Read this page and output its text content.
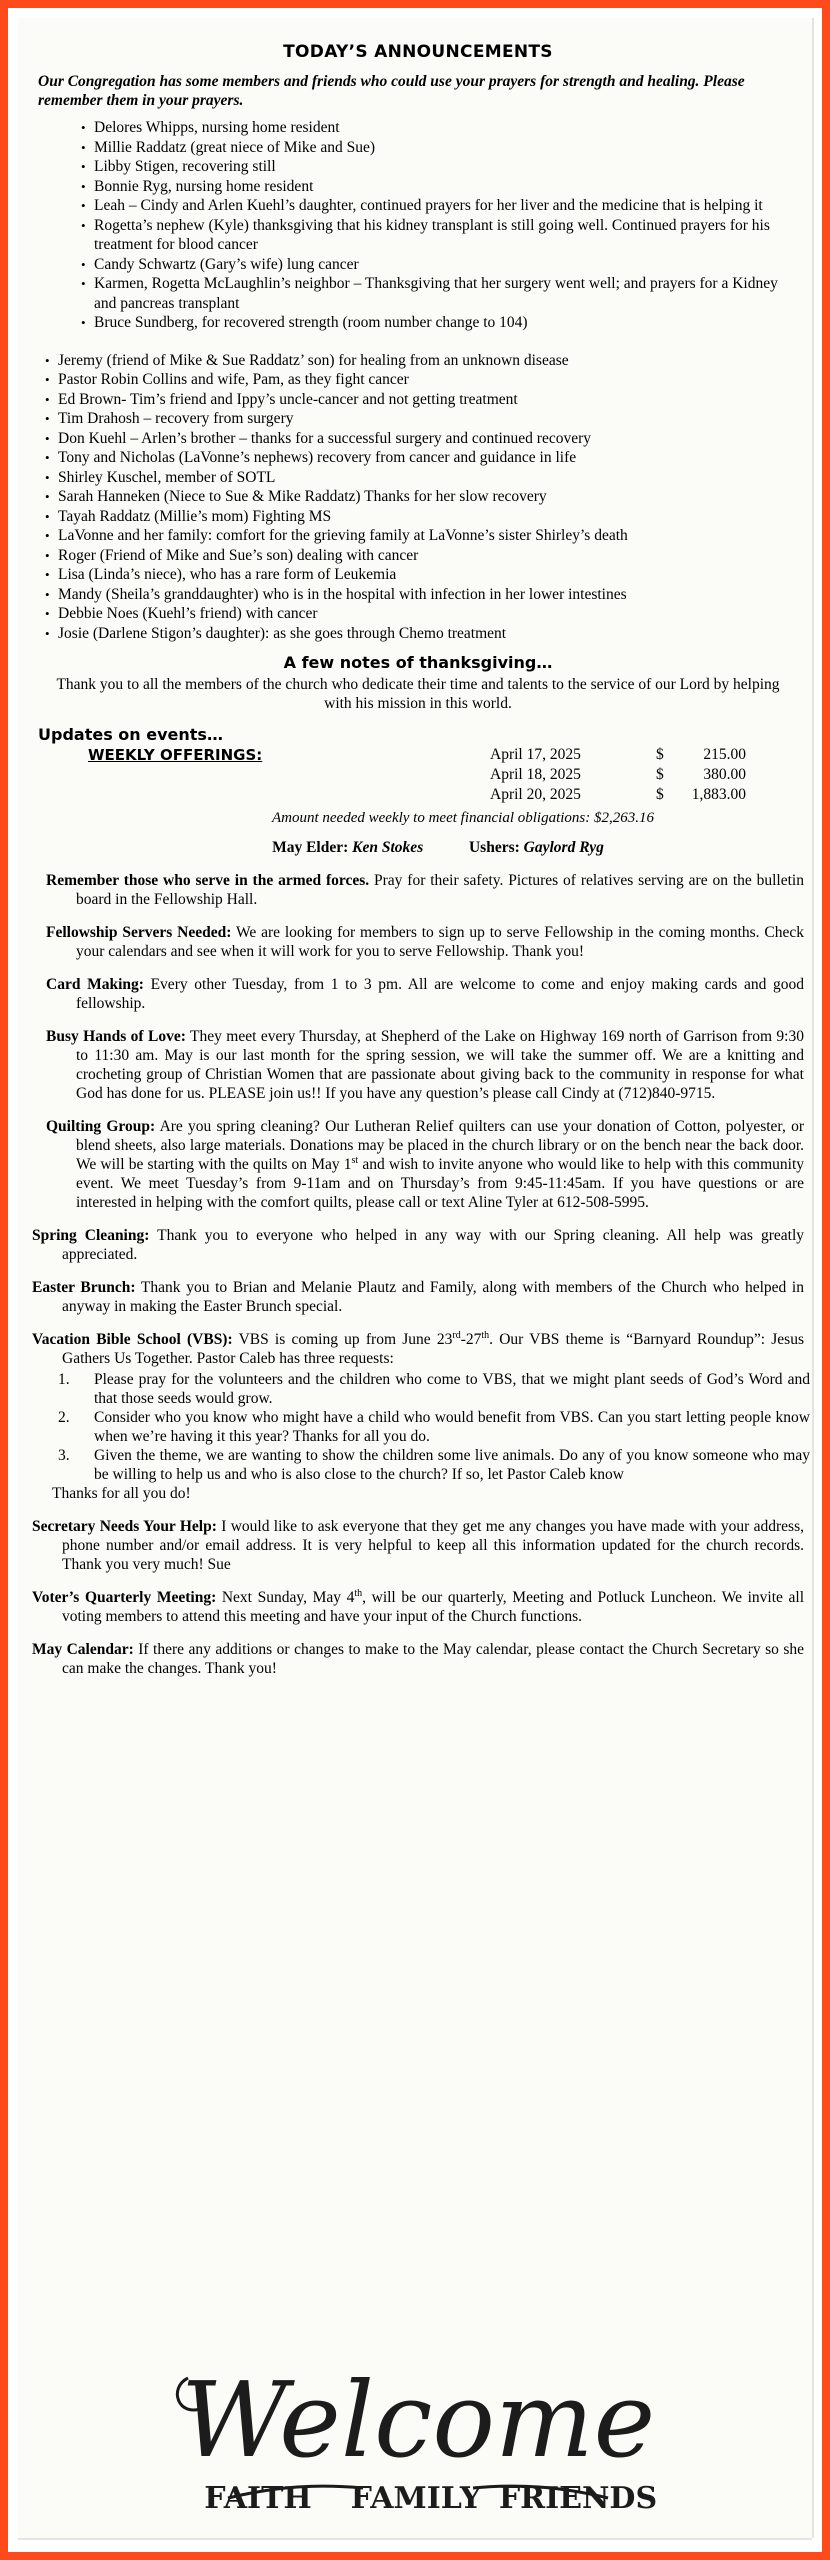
TODAY’S ANNOUNCEMENTS
Our Congregation has some members and friends who could use your prayers for strength and healing. Please remember them in your prayers.
• Delores Whipps, nursing home resident
• Millie Raddatz (great niece of Mike and Sue)
• Libby Stigen, recovering still
• Bonnie Ryg, nursing home resident
• Leah – Cindy and Arlen Kuehl’s daughter, continued prayers for her liver and the medicine that is helping it
• Rogetta’s nephew (Kyle) thanksgiving that his kidney transplant is still going well. Continued prayers for his treatment for blood cancer
• Candy Schwartz (Gary’s wife) lung cancer
• Karmen, Rogetta McLaughlin’s neighbor – Thanksgiving that her surgery went well; and prayers for a Kidney and pancreas transplant
• Bruce Sundberg, for recovered strength (room number change to 104)
• Jeremy (friend of Mike & Sue Raddatz’ son) for healing from an unknown disease
• Pastor Robin Collins and wife, Pam, as they fight cancer
• Ed Brown- Tim’s friend and Ippy’s uncle-cancer and not getting treatment
• Tim Drahosh – recovery from surgery
• Don Kuehl – Arlen’s brother – thanks for a successful surgery and continued recovery
• Tony and Nicholas (LaVonne’s nephews) recovery from cancer and guidance in life
• Shirley Kuschel, member of SOTL
• Sarah Hanneken (Niece to Sue & Mike Raddatz) Thanks for her slow recovery
• Tayah Raddatz (Millie’s mom) Fighting MS
• LaVonne and her family: comfort for the grieving family at LaVonne’s sister Shirley’s death
• Roger (Friend of Mike and Sue’s son) dealing with cancer
• Lisa (Linda’s niece), who has a rare form of Leukemia
• Mandy (Sheila’s granddaughter) who is in the hospital with infection in her lower intestines
• Debbie Noes (Kuehl’s friend) with cancer
• Josie (Darlene Stigon’s daughter): as she goes through Chemo treatment
A few notes of thanksgiving…
Thank you to all the members of the church who dedicate their time and talents to the service of our Lord by helping with his mission in this world.
Updates on events…
WEEKLY OFFERINGS:	April 17, 2025	$	215.00
April 18, 2025	$	380.00
April 20, 2025	$	1,883.00
Amount needed weekly to meet financial obligations: $2,263.16
May Elder: Ken Stokes	Ushers: Gaylord Ryg

Remember those who serve in the armed forces. Pray for their safety. Pictures of relatives serving are on the bulletin board in the Fellowship Hall.

Fellowship Servers Needed: We are looking for members to sign up to serve Fellowship in the coming months. Check your calendars and see when it will work for you to serve Fellowship. Thank you!

Card Making: Every other Tuesday, from 1 to 3 pm. All are welcome to come and enjoy making cards and good fellowship.

Busy Hands of Love: They meet every Thursday, at Shepherd of the Lake on Highway 169 north of Garrison from 9:30 to 11:30 am. May is our last month for the spring session, we will take the summer off. We are a knitting and crocheting group of Christian Women that are passionate about giving back to the community in response for what God has done for us. PLEASE join us!! If you have any question’s please call Cindy at (712)840-9715.

Quilting Group: Are you spring cleaning? Our Lutheran Relief quilters can use your donation of Cotton, polyester, or blend sheets, also large materials. Donations may be placed in the church library or on the bench near the back door. We will be starting with the quilts on May 1st and wish to invite anyone who would like to help with this community event. We meet Tuesday’s from 9-11am and on Thursday’s from 9:45-11:45am. If you have questions or are interested in helping with the comfort quilts, please call or text Aline Tyler at 612-508-5995.

Spring Cleaning: Thank you to everyone who helped in any way with our Spring cleaning. All help was greatly appreciated.

Easter Brunch: Thank you to Brian and Melanie Plautz and Family, along with members of the Church who helped in anyway in making the Easter Brunch special.

Vacation Bible School (VBS): VBS is coming up from June 23rd-27th. Our VBS theme is “Barnyard Roundup”: Jesus Gathers Us Together. Pastor Caleb has three requests:

1. Please pray for the volunteers and the children who come to VBS, that we might plant seeds of God’s Word and that those seeds would grow.
2. Consider who you know who might have a child who would benefit from VBS. Can you start letting people know when we’re having it this year? Thanks for all you do.
3. Given the theme, we are wanting to show the children some live animals. Do any of you know someone who may be willing to help us and who is also close to the church? If so, let Pastor Caleb know
Thanks for all you do!

Secretary Needs Your Help: I would like to ask everyone that they get me any changes you have made with your address, phone number and/or email address. It is very helpful to keep all this information updated for the church records. Thank you very much! Sue

Voter’s Quarterly Meeting: Next Sunday, May 4th, will be our quarterly, Meeting and Potluck Luncheon. We invite all voting members to attend this meeting and have your input of the Church functions.

May Calendar: If there any additions or changes to make to the May calendar, please contact the Church Secretary so she can make the changes. Thank you!

Welcome
FAITH FAMILY FRIENDS
